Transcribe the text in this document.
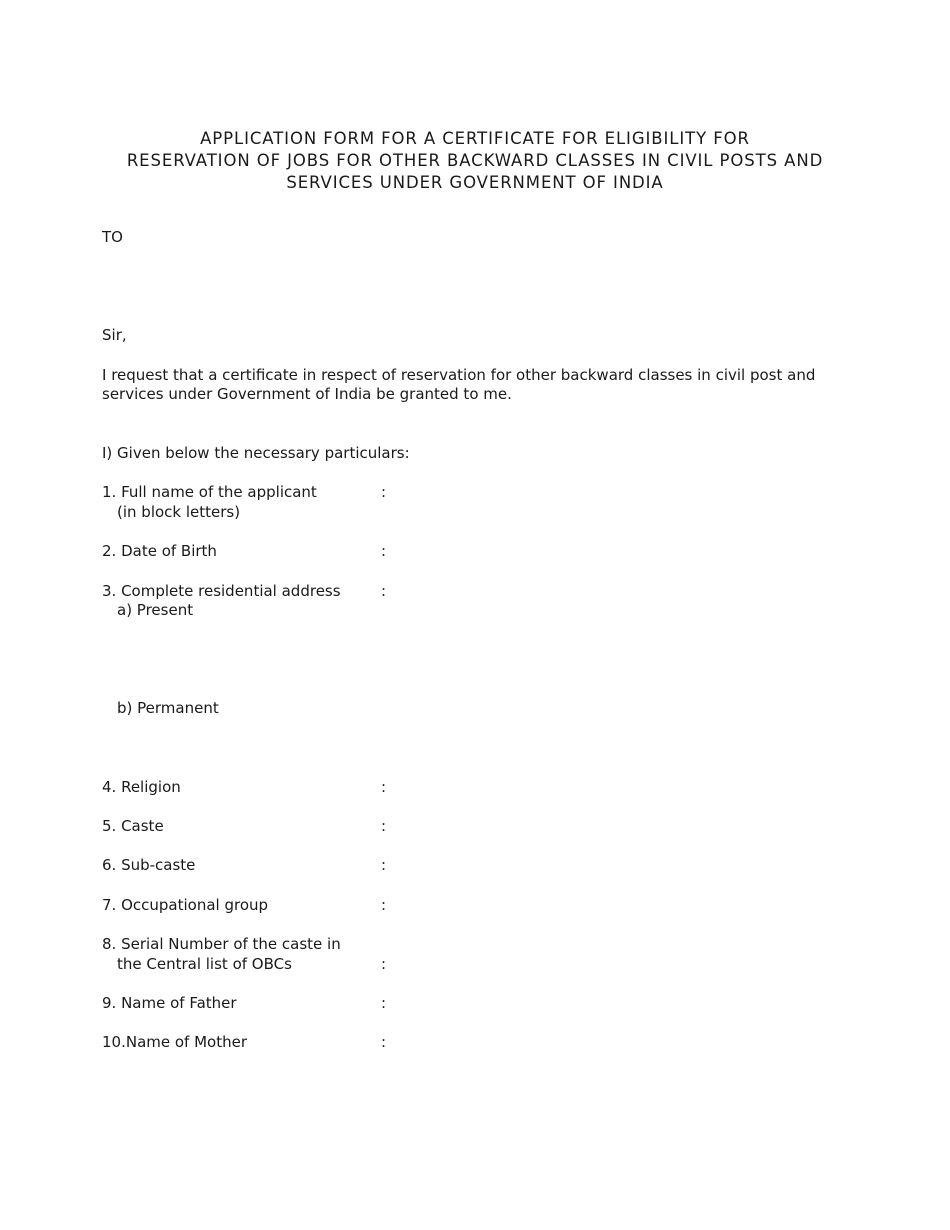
APPLICATION FORM FOR A CERTIFICATE FOR ELIGIBILITY FOR
RESERVATION OF JOBS FOR OTHER BACKWARD CLASSES IN CIVIL POSTS AND
SERVICES UNDER GOVERNMENT OF INDIA
TO
Sir,
I request that a certificate in respect of reservation for other backward classes in civil post and
services under Government of India be granted to me.
I) Given below the necessary particulars:
1. Full name of the applicant	:
(in block letters)
2. Date of Birth	:
3. Complete residential address	:
a) Present
b) Permanent
4. Religion	:
5. Caste	:
6. Sub-caste	:
7. Occupational group	:
8. Serial Number of the caste in
the Central list of OBCs	:
9. Name of Father	:
10.Name of Mother	:
